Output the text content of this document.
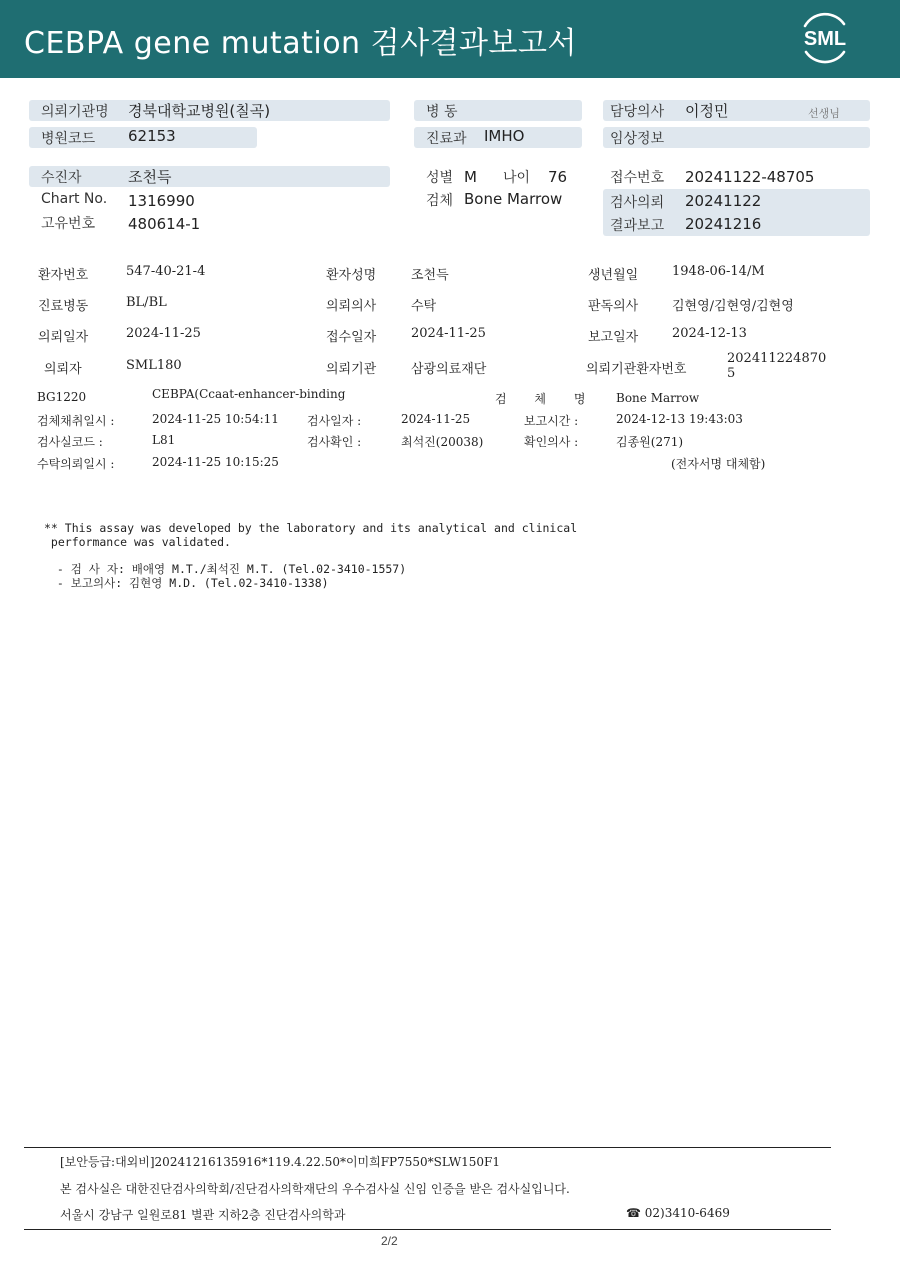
CEBPA gene mutation 검사결과보고서	SML
의뢰기관명 경북대학교병원(칠곡)
병원코드 62153
병 동
진료과 IMHO
담당의사 이정민	선생님
임상정보
수진자	조천득
Chart No. 1316990
고유번호 480614-1
성별 M 나이 76
검체 Bone Marrow
접수번호 20241122-48705
검사의뢰 20241122
결과보고 20241216
환자번호	547-40-21-4	환자성명	조천득	생년월일	1948-06-14/M
진료병동	BL/BL	의뢰의사	수탁	판독의사	김현영/김현영/김현영
의뢰일자	2024-11-25	접수일자	2024-11-25	보고일자	2024-12-13
의뢰자	SML180	의뢰기관	삼광의료재단	의뢰기관환자번호
202411224870
5
BG1220	CEBPA(Ccaat-enhancer-binding	검 체 명 Bone Marrow
검체채취일시 :	2024-11-25 10:54:11 검사일자 :	2024-11-25	보고시간 :	2024-12-13 19:43:03
검사실코드 :	L81	검사확인 :	최석진(20038)	확인의사 :	김종원(271)
수탁의뢰일시 :	2024-11-25 10:15:25	(전자서명 대체함)
** This assay was developed by the laboratory and its analytical and clinical
performance was validated.
- 검 사 자: 배애영 M.T./최석진 M.T. (Tel.02-3410-1557)
- 보고의사: 김현영 M.D. (Tel.02-3410-1338)
[보안등급:대외비]20241216135916*119.4.22.50*이미희FP7550*SLW150F1
본 검사실은 대한진단검사의학회/진단검사의학재단의 우수검사실 신임 인증을 받은 검사실입니다.
서울시 강남구 일원로81 별관 지하2층 진단검사의학과	☎ 02)3410-6469
2/2
